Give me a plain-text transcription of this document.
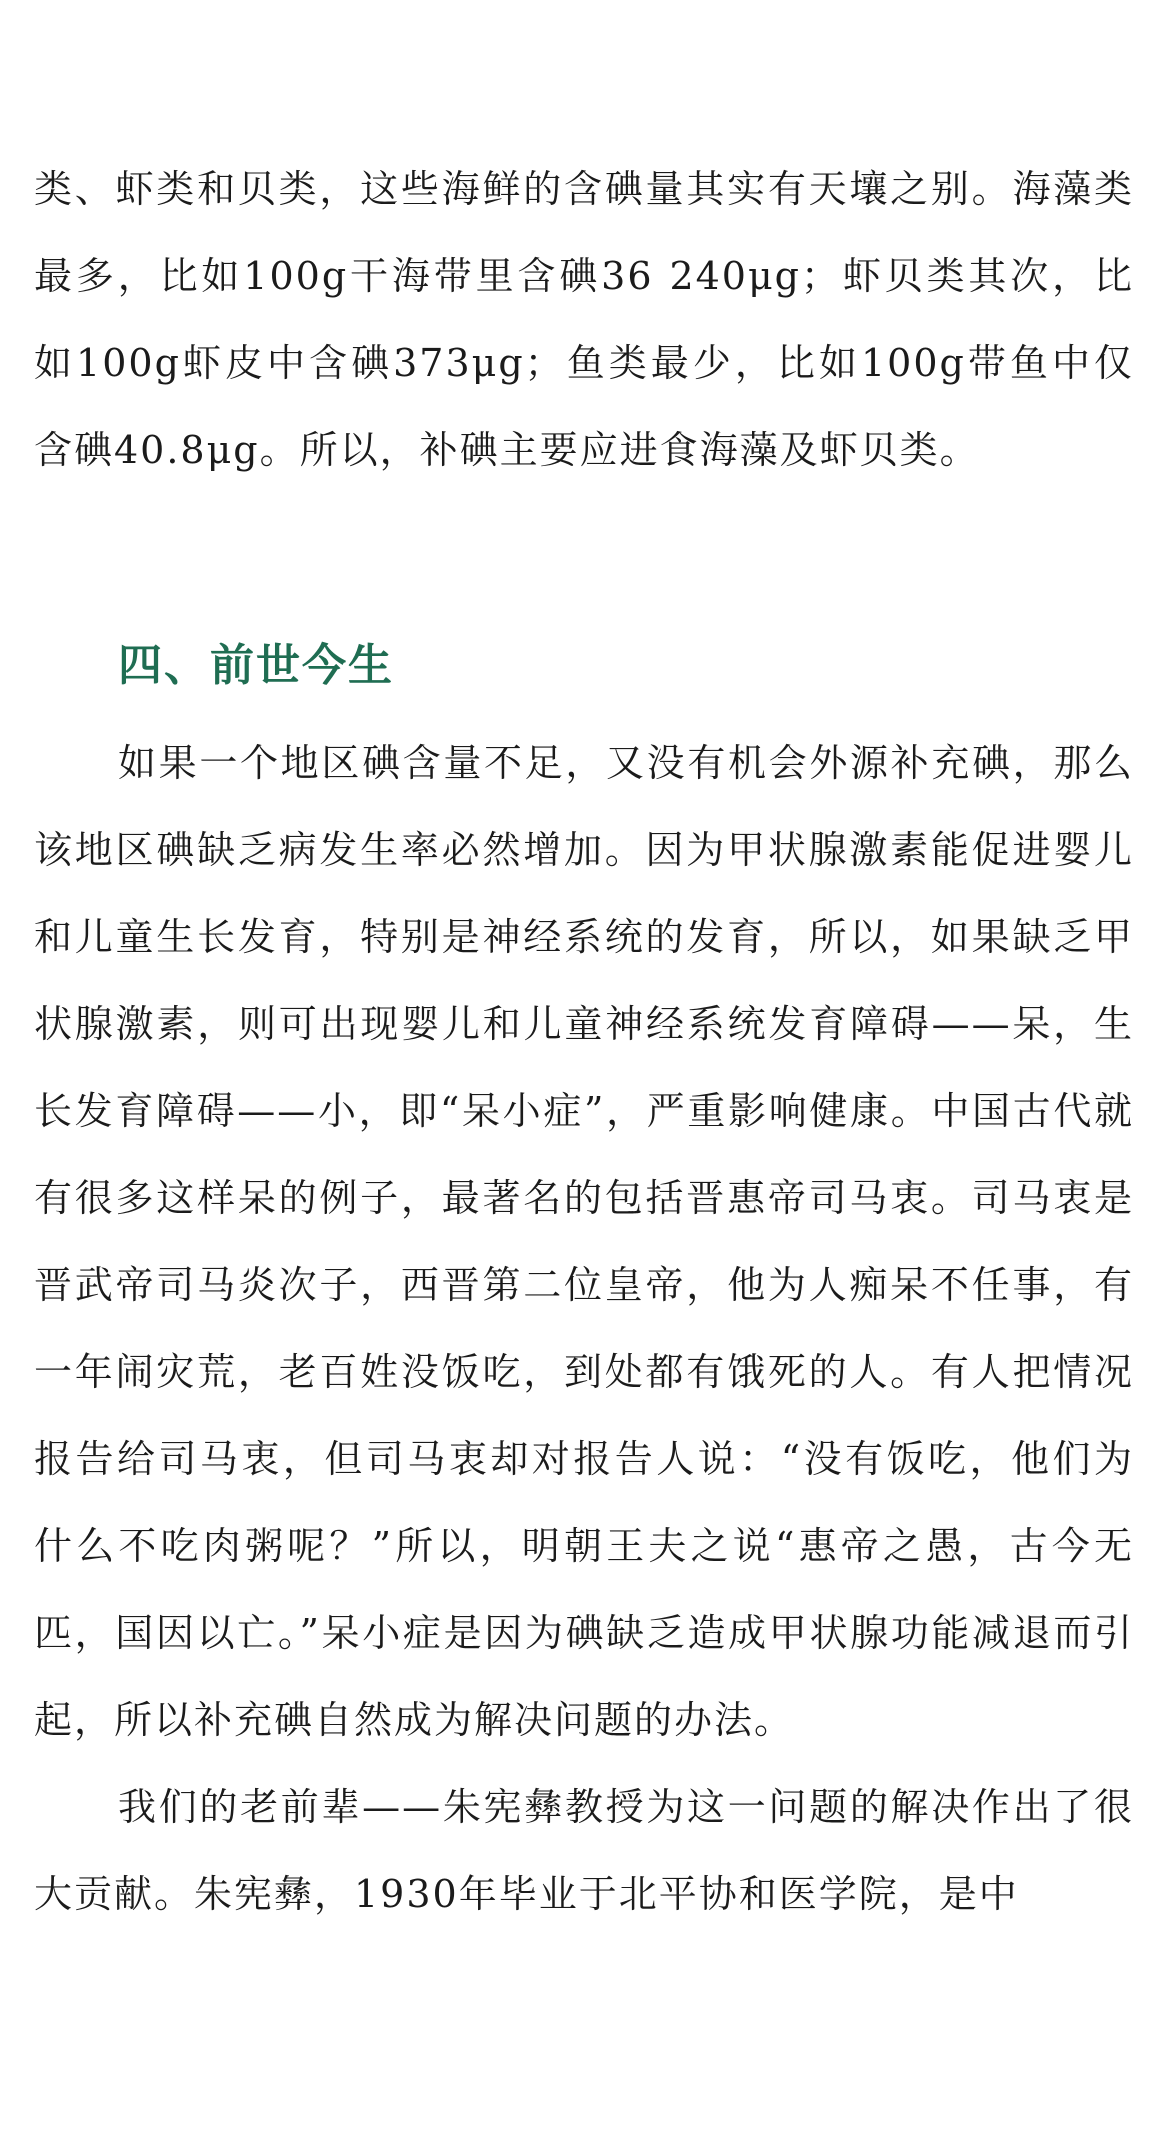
类、虾类和贝类，这些海鲜的含碘量其实有天壤之别。海藻类最多，比如100g干海带里含碘36 240μg；虾贝类其次，比如100g虾皮中含碘373μg；鱼类最少，比如100g带鱼中仅含碘40.8μg。所以，补碘主要应进食海藻及虾贝类。

四、前世今生

如果一个地区碘含量不足，又没有机会外源补充碘，那么该地区碘缺乏病发生率必然增加。因为甲状腺激素能促进婴儿和儿童生长发育，特别是神经系统的发育，所以，如果缺乏甲状腺激素，则可出现婴儿和儿童神经系统发育障碍——呆，生长发育障碍——小，即“呆小症”，严重影响健康。中国古代就有很多这样呆的例子，最著名的包括晋惠帝司马衷。司马衷是晋武帝司马炎次子，西晋第二位皇帝，他为人痴呆不任事，有一年闹灾荒，老百姓没饭吃，到处都有饿死的人。有人把情况报告给司马衷，但司马衷却对报告人说：“没有饭吃，他们为什么不吃肉粥呢？”所以，明朝王夫之说“惠帝之愚，古今无匹，国因以亡。”呆小症是因为碘缺乏造成甲状腺功能减退而引起，所以补充碘自然成为解决问题的办法。

我们的老前辈——朱宪彝教授为这一问题的解决作出了很大贡献。朱宪彝，1930年毕业于北平协和医学院，是中
